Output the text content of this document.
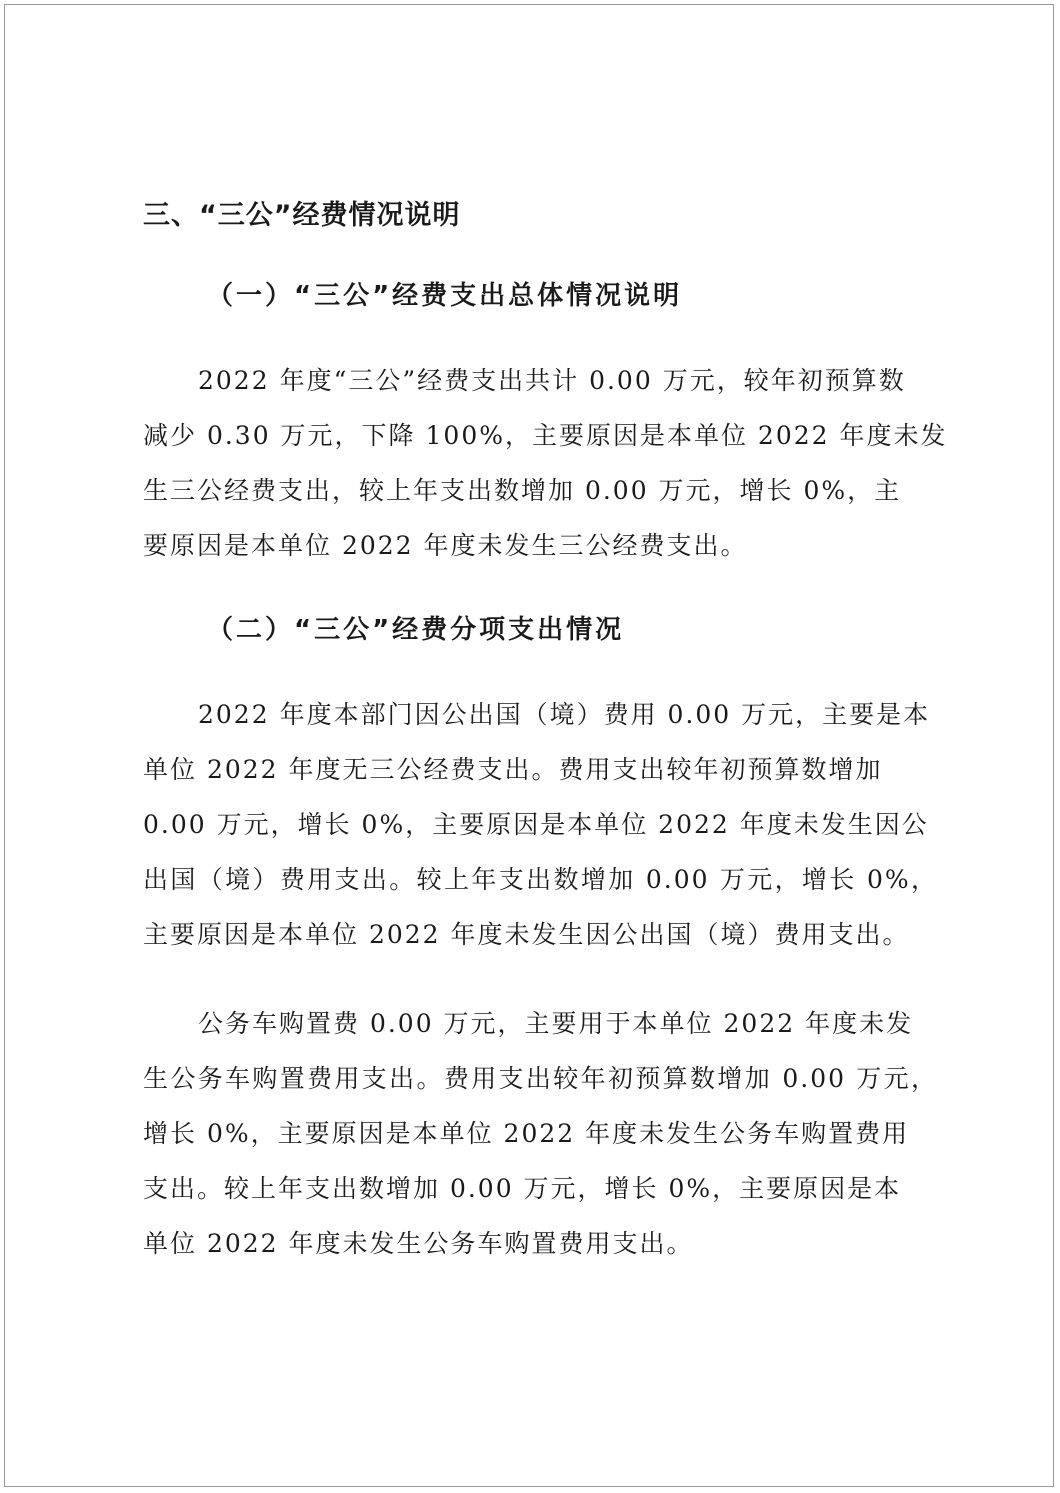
三、“三公”经费情况说明
（一）“三公”经费支出总体情况说明
2022 年度“三公”经费支出共计 0.00 万元，较年初预算数
减少 0.30 万元，下降 100%，主要原因是本单位 2022 年度未发
生三公经费支出，较上年支出数增加 0.00 万元，增长 0%，主
要原因是本单位 2022 年度未发生三公经费支出。
（二）“三公”经费分项支出情况
2022 年度本部门因公出国（境）费用 0.00 万元，主要是本
单位 2022 年度无三公经费支出。费用支出较年初预算数增加
0.00 万元，增长 0%，主要原因是本单位 2022 年度未发生因公
出国（境）费用支出。较上年支出数增加 0.00 万元，增长 0%，
主要原因是本单位 2022 年度未发生因公出国（境）费用支出。
公务车购置费 0.00 万元，主要用于本单位 2022 年度未发
生公务车购置费用支出。费用支出较年初预算数增加 0.00 万元，
增长 0%，主要原因是本单位 2022 年度未发生公务车购置费用
支出。较上年支出数增加 0.00 万元，增长 0%，主要原因是本
单位 2022 年度未发生公务车购置费用支出。
